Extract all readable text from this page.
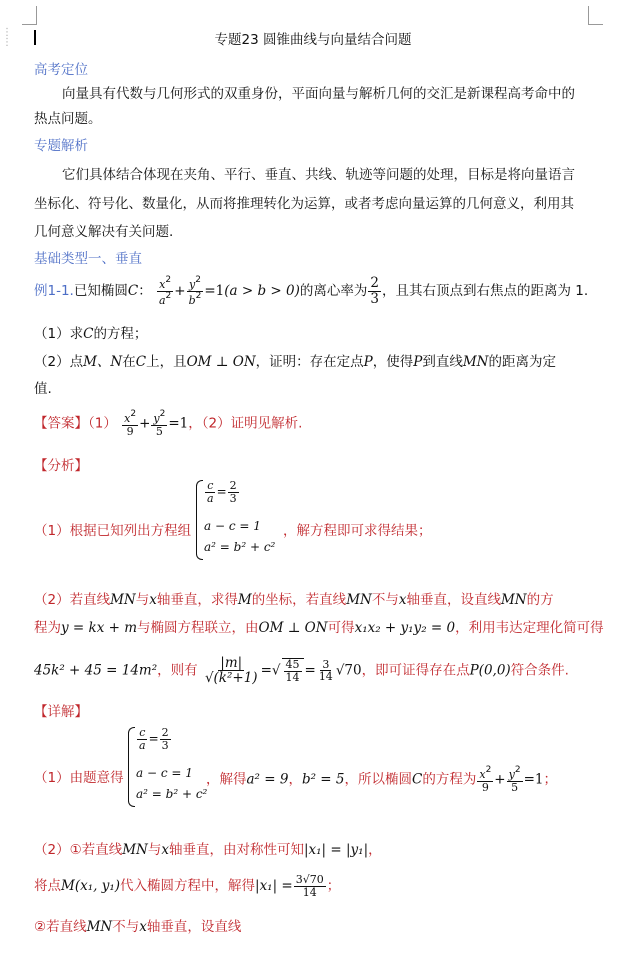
⋮
⋮	专题23 圆锥曲线与向量结合问题
高考定位
向量具有代数与几何形式的双重身份，平面向量与解析几何的交汇是新课程高考命中的
热点问题。
专题解析
它们具体结合体现在夹角、平行、垂直、共线、轨迹等问题的处理，目标是将向量语言
坐标化、符号化、数量化，从而将推理转化为运算，或者考虑向量运算的几何意义，利用其
几何意义解决有关问题.
基础类型一、垂直
例1-1.已知椭圆C： $\frac{x^2}{a^2} + \frac{y^2}{b^2} =1(a > b > 0)$的离心率为 $\frac{2}{3}$ ，且其右顶点到右焦点的距离为 1.
（1）求C的方程；
（2）点M、N在C上，且OM ⊥ ON，证明：存在定点P，使得P到直线MN的距离为定
值.
【答案】$(1) \frac{x^2}{9} + \frac{y^2}{5} =1$，（2）证明见解析.
【分析】
（1）根据已知列出方程组
$\frac{c}{a} = \frac{2}{3}$
a − c = 1
a² = b² + c²
，解方程即可求得结果；
（2）若直线MN与x轴垂直，求得M的坐标，若直线MN不与x轴垂直，设直线MN的方
程为y = kx + m与椭圆方程联立，由OM ⊥ ON可得x₁x₂ + y₁y₂ = 0，利用韦达定理化简可得
45k² + 45 = 14m²，则有 $\frac{|m|}{\text{√(k²+1)}}$ =√ $\frac{45}{14} = \frac{3}{14} √70$，即可证得存在点P(0,0)符合条件.
【详解】
（1）由题意得
$\frac{c}{a} = \frac{2}{3}$
a − c = 1
a² = b² + c²
，解得a² = 9，b² = 5，所以椭圆C的方程为 $\frac{x^2}{9} + \frac{y^2}{5} =1$；
（2）①若直线MN与x轴垂直，由对称性可知|x₁| = |y₁|，
将点M(x₁, y₁)代入椭圆方程中，解得$|x_1| = \frac{3√70}{14}$ ；
②若直线MN不与x轴垂直，设直线
